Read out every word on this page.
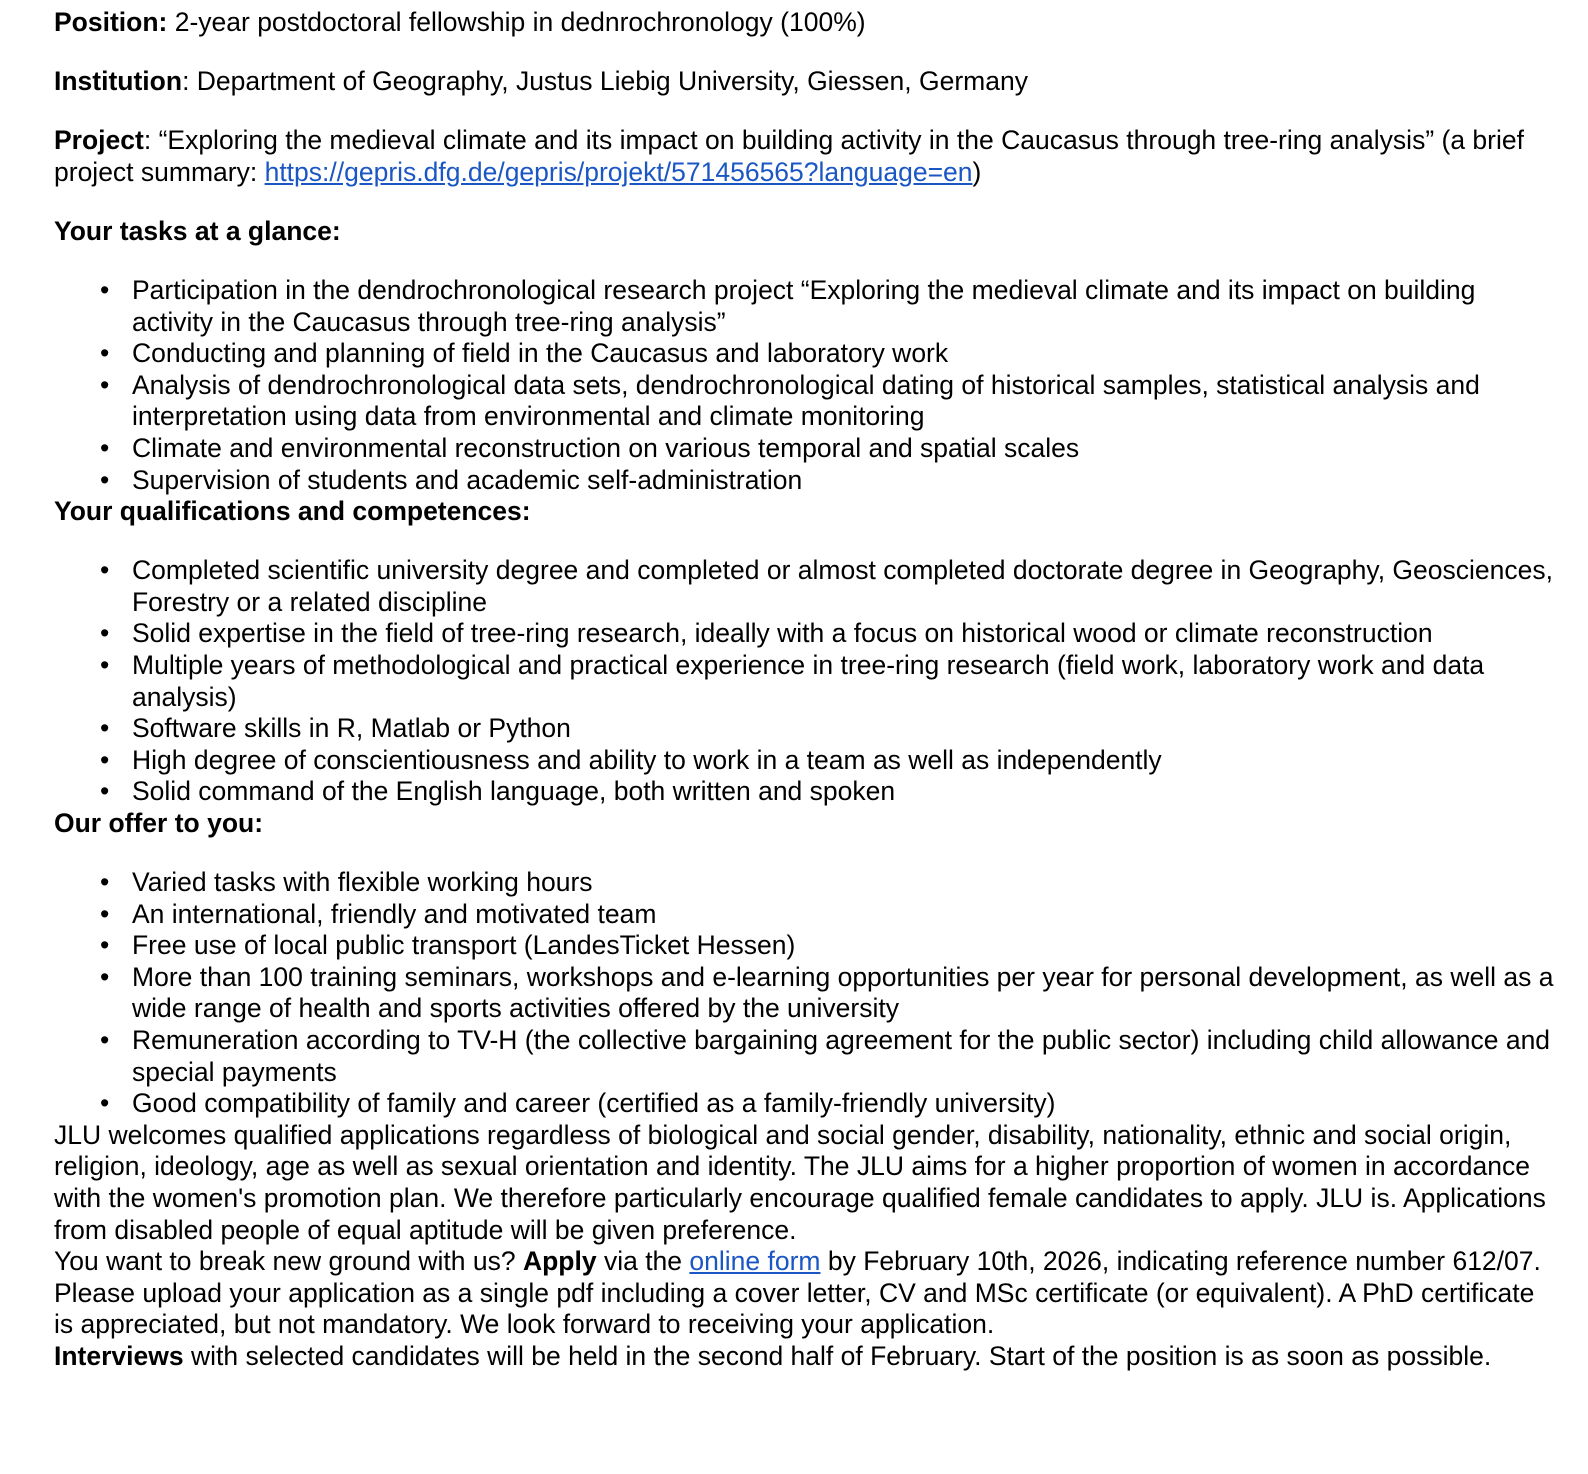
Position: 2-year postdoctoral fellowship in dednrochronology (100%)

Institution: Department of Geography, Justus Liebig University, Giessen, Germany

Project: “Exploring the medieval climate and its impact on building activity in the Caucasus through tree-ring analysis” (a brief project summary: https://gepris.dfg.de/gepris/projekt/571456565?language=en)

Your tasks at a glance:

• Participation in the dendrochronological research project “Exploring the medieval climate and its impact on building activity in the Caucasus through tree-ring analysis”
• Conducting and planning of field in the Caucasus and laboratory work
• Analysis of dendrochronological data sets, dendrochronological dating of historical samples, statistical analysis and interpretation using data from environmental and climate monitoring
• Climate and environmental reconstruction on various temporal and spatial scales
• Supervision of students and academic self-administration

Your qualifications and competences:

• Completed scientific university degree and completed or almost completed doctorate degree in Geography, Geosciences, Forestry or a related discipline
• Solid expertise in the field of tree-ring research, ideally with a focus on historical wood or climate reconstruction
• Multiple years of methodological and practical experience in tree-ring research (field work, laboratory work and data analysis)
• Software skills in R, Matlab or Python
• High degree of conscientiousness and ability to work in a team as well as independently
• Solid command of the English language, both written and spoken

Our offer to you:

• Varied tasks with flexible working hours
• An international, friendly and motivated team
• Free use of local public transport (LandesTicket Hessen)
• More than 100 training seminars, workshops and e-learning opportunities per year for personal development, as well as a wide range of health and sports activities offered by the university
• Remuneration according to TV-H (the collective bargaining agreement for the public sector) including child allowance and special payments
• Good compatibility of family and career (certified as a family-friendly university)

JLU welcomes qualified applications regardless of biological and social gender, disability, nationality, ethnic and social origin, religion, ideology, age as well as sexual orientation and identity. The JLU aims for a higher proportion of women in accordance with the women's promotion plan. We therefore particularly encourage qualified female candidates to apply. JLU is. Applications from disabled people of equal aptitude will be given preference.

You want to break new ground with us? Apply via the online form by February 10th, 2026, indicating reference number 612/07. Please upload your application as a single pdf including a cover letter, CV and MSc certificate (or equivalent). A PhD certificate is appreciated, but not mandatory. We look forward to receiving your application.

Interviews with selected candidates will be held in the second half of February. Start of the position is as soon as possible.
